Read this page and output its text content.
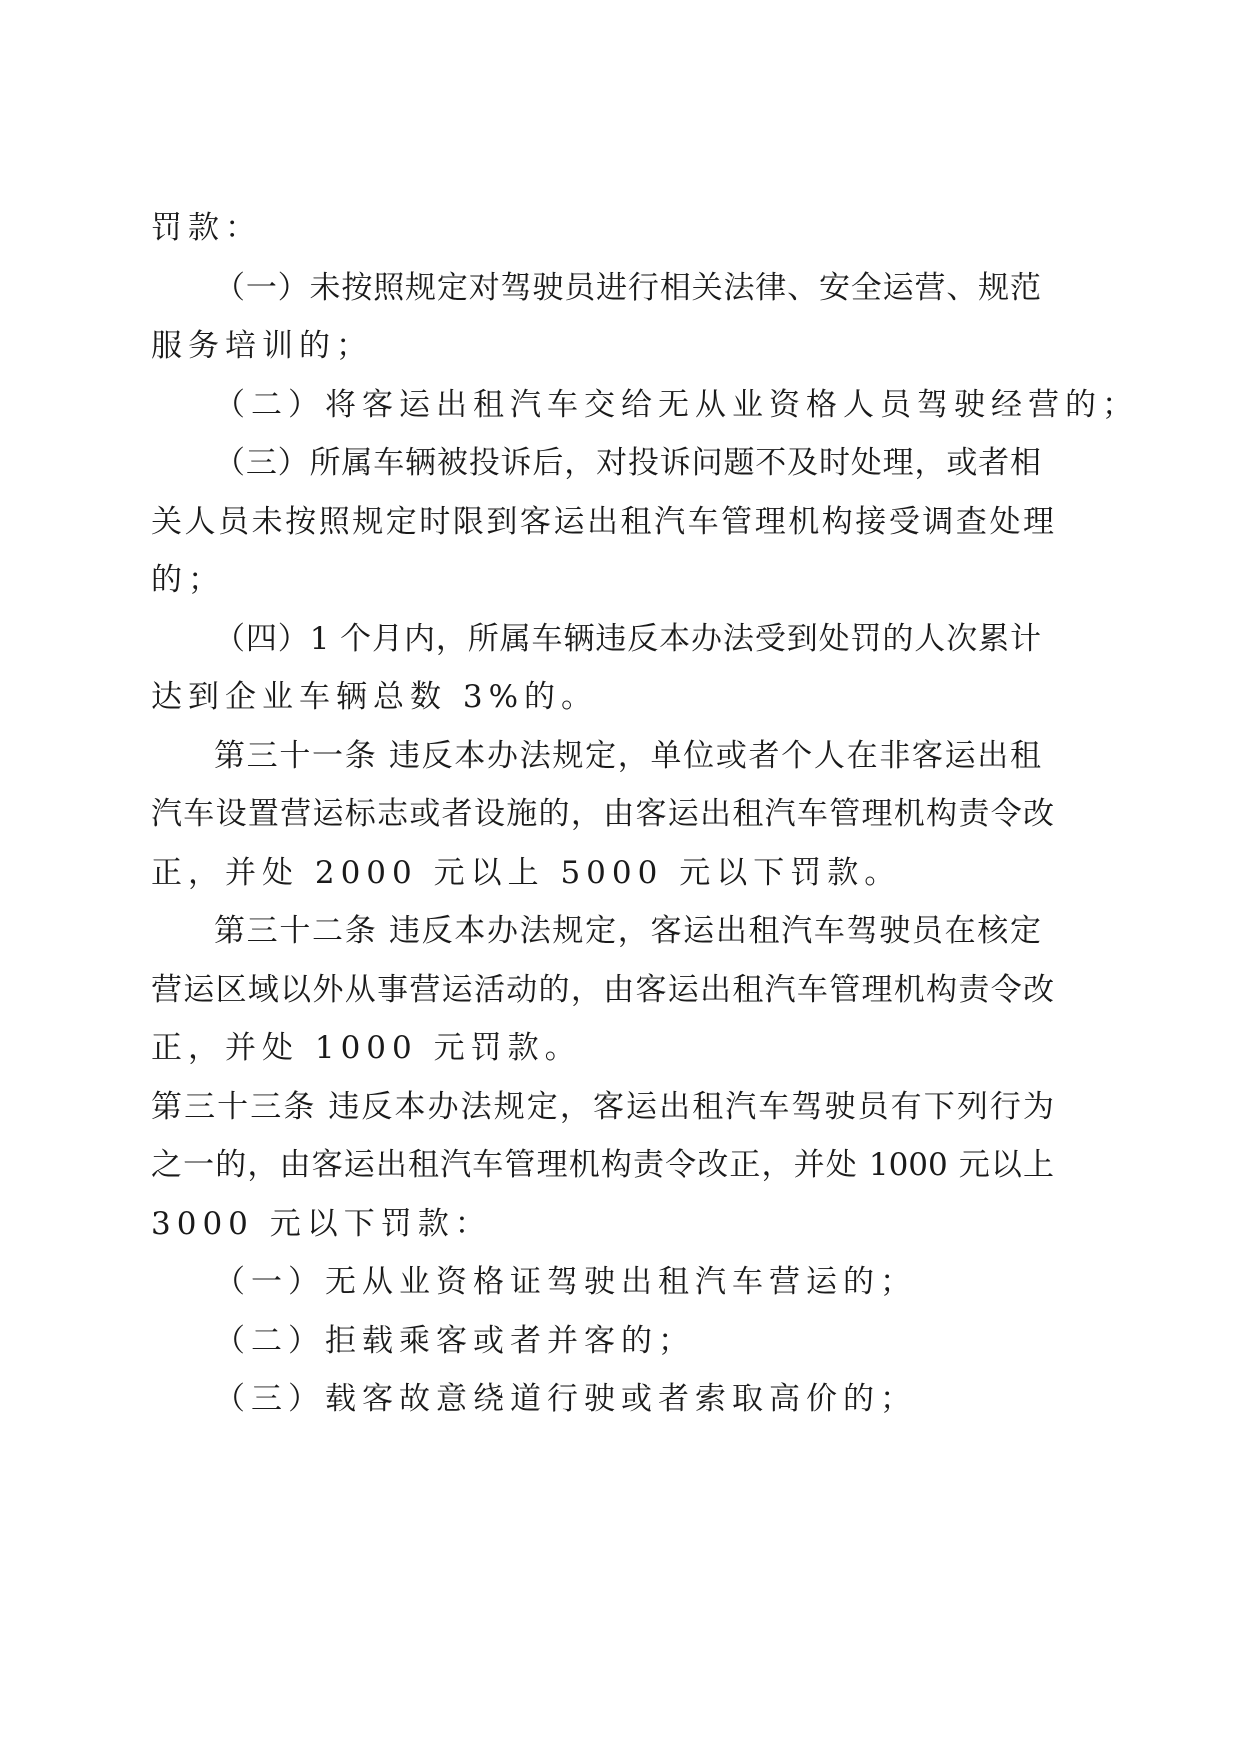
罚款：
（一）未按照规定对驾驶员进行相关法律、安全运营、规范
服务培训的；
（二）将客运出租汽车交给无从业资格人员驾驶经营的；
（三）所属车辆被投诉后，对投诉问题不及时处理，或者相
关人员未按照规定时限到客运出租汽车管理机构接受调查处理
的；
（四）1 个月内，所属车辆违反本办法受到处罚的人次累计
达到企业车辆总数 3%的。
第三十一条 违反本办法规定，单位或者个人在非客运出租
汽车设置营运标志或者设施的，由客运出租汽车管理机构责令改
正，并处 2000 元以上 5000 元以下罚款。
第三十二条 违反本办法规定，客运出租汽车驾驶员在核定
营运区域以外从事营运活动的，由客运出租汽车管理机构责令改
正，并处 1000 元罚款。
第三十三条 违反本办法规定，客运出租汽车驾驶员有下列行为
之一的，由客运出租汽车管理机构责令改正，并处 1000 元以上
3000 元以下罚款：
（一）无从业资格证驾驶出租汽车营运的；
（二）拒载乘客或者并客的；
（三）载客故意绕道行驶或者索取高价的；
